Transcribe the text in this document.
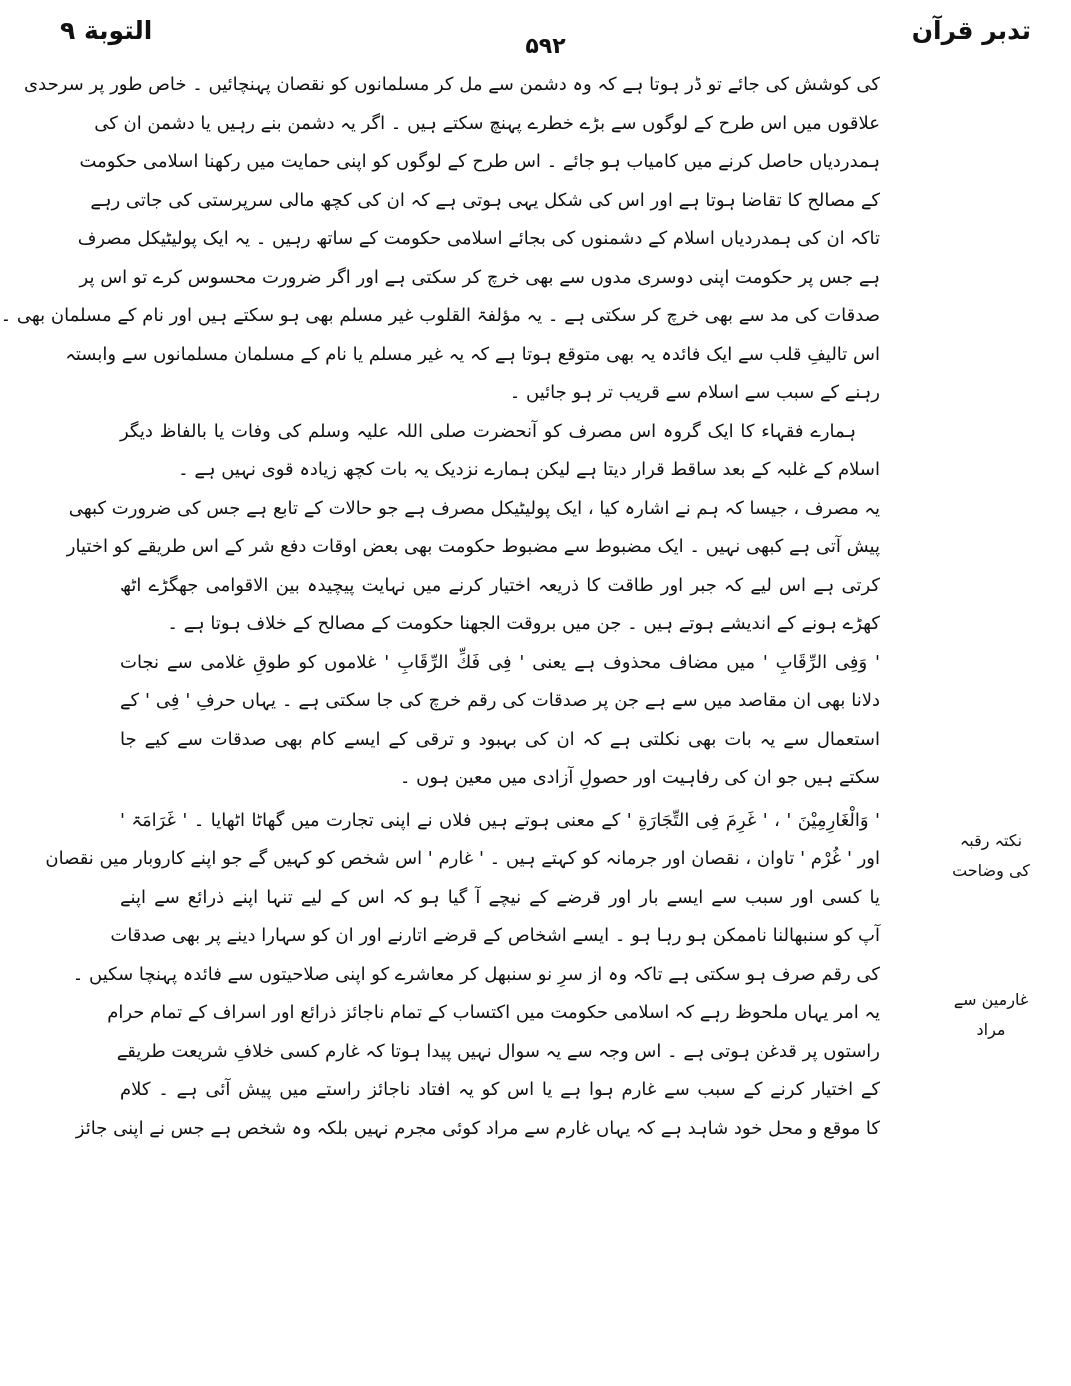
تدبر قرآن
۵۹۲
التوبة ۹
نکتہ رقبہ
کی وضاحت
غارمین سے
مراد
کی کوشش کی جائے تو ڈر ہوتا ہے کہ وہ دشمن سے مل کر مسلمانوں کو نقصان پہنچائیں ۔ خاص طور پر سرحدی
علاقوں میں اس طرح کے لوگوں سے بڑے خطرے پہنچ سکتے ہیں ۔ اگر یہ دشمن بنے رہیں یا دشمن ان کی
ہمدردیاں حاصل کرنے میں کامیاب ہو جائے ۔ اس طرح کے لوگوں کو اپنی حمایت میں رکھنا اسلامی حکومت
کے مصالح کا تقاضا ہوتا ہے اور اس کی شکل یہی ہوتی ہے کہ ان کی کچھ مالی سرپرستی کی جاتی رہے
تاکہ ان کی ہمدردیاں اسلام کے دشمنوں کی بجائے اسلامی حکومت کے ساتھ رہیں ۔ یہ ایک پولیٹیکل مصرف
ہے جس پر حکومت اپنی دوسری مدوں سے بھی خرچ کر سکتی ہے اور اگر ضرورت محسوس کرے تو اس پر
صدقات کی مد سے بھی خرچ کر سکتی ہے ۔ یہ مؤلفۃ القلوب غیر مسلم بھی ہو سکتے ہیں اور نام کے مسلمان بھی ۔
اس تالیفِ قلب سے ایک فائدہ یہ بھی متوقع ہوتا ہے کہ یہ غیر مسلم یا نام کے مسلمان مسلمانوں سے وابستہ
رہنے کے سبب سے اسلام سے قریب تر ہو جائیں ۔
ہمارے فقہاء کا ایک گروہ اس مصرف کو آنحضرت صلی اللہ علیہ وسلم کی وفات یا بالفاظ دیگر
اسلام کے غلبہ کے بعد ساقط قرار دیتا ہے لیکن ہمارے نزدیک یہ بات کچھ زیادہ قوی نہیں ہے ۔
یہ مصرف ، جیسا کہ ہم نے اشارہ کیا ، ایک پولیٹیکل مصرف ہے جو حالات کے تابع ہے جس کی ضرورت کبھی
پیش آتی ہے کبھی نہیں ۔ ایک مضبوط سے مضبوط حکومت بھی بعض اوقات دفع شر کے اس طریقے کو اختیار
کرتی ہے اس لیے کہ جبر اور طاقت کا ذریعہ اختیار کرنے میں نہایت پیچیدہ بین الاقوامی جھگڑے اٹھ
کھڑے ہونے کے اندیشے ہوتے ہیں ۔ جن میں بروقت الجھنا حکومت کے مصالح کے خلاف ہوتا ہے ۔
' وَفِی الرِّقَابِ ' میں مضاف محذوف ہے یعنی ' فِی فَكِّ الرِّقَابِ ' غلاموں کو طوقِ غلامی سے نجات
دلانا بھی ان مقاصد میں سے ہے جن پر صدقات کی رقم خرچ کی جا سکتی ہے ۔ یہاں حرفِ ' فِی ' کے
استعمال سے یہ بات بھی نکلتی ہے کہ ان کی بہبود و ترقی کے ایسے کام بھی صدقات سے کیے جا
سکتے ہیں جو ان کی رفاہیت اور حصولِ آزادی میں معین ہوں ۔
' وَالْغَارِمِیْنَ ' ، ' غَرِمَ فِی التِّجَارَةِ ' کے معنی ہوتے ہیں فلاں نے اپنی تجارت میں گھاٹا اٹھایا ۔ ' غَرَامَۃ '
اور ' غُرْم ' تاوان ، نقصان اور جرمانہ کو کہتے ہیں ۔ ' غارم ' اس شخص کو کہیں گے جو اپنے کاروبار میں نقصان
یا کسی اور سبب سے ایسے بار اور قرضے کے نیچے آ گیا ہو کہ اس کے لیے تنہا اپنے ذرائع سے اپنے
آپ کو سنبھالنا ناممکن ہو رہا ہو ۔ ایسے اشخاص کے قرضے اتارنے اور ان کو سہارا دینے پر بھی صدقات
کی رقم صرف ہو سکتی ہے تاکہ وہ از سرِ نو سنبھل کر معاشرے کو اپنی صلاحیتوں سے فائدہ پہنچا سکیں ۔
یہ امر یہاں ملحوظ رہے کہ اسلامی حکومت میں اکتساب کے تمام ناجائز ذرائع اور اسراف کے تمام حرام
راستوں پر قدغن ہوتی ہے ۔ اس وجہ سے یہ سوال نہیں پیدا ہوتا کہ غارم کسی خلافِ شریعت طریقے
کے اختیار کرنے کے سبب سے غارم ہوا ہے یا اس کو یہ افتاد ناجائز راستے میں پیش آئی ہے ۔ کلام
کا موقع و محل خود شاہد ہے کہ یہاں غارم سے مراد کوئی مجرم نہیں بلکہ وہ شخص ہے جس نے اپنی جائز
